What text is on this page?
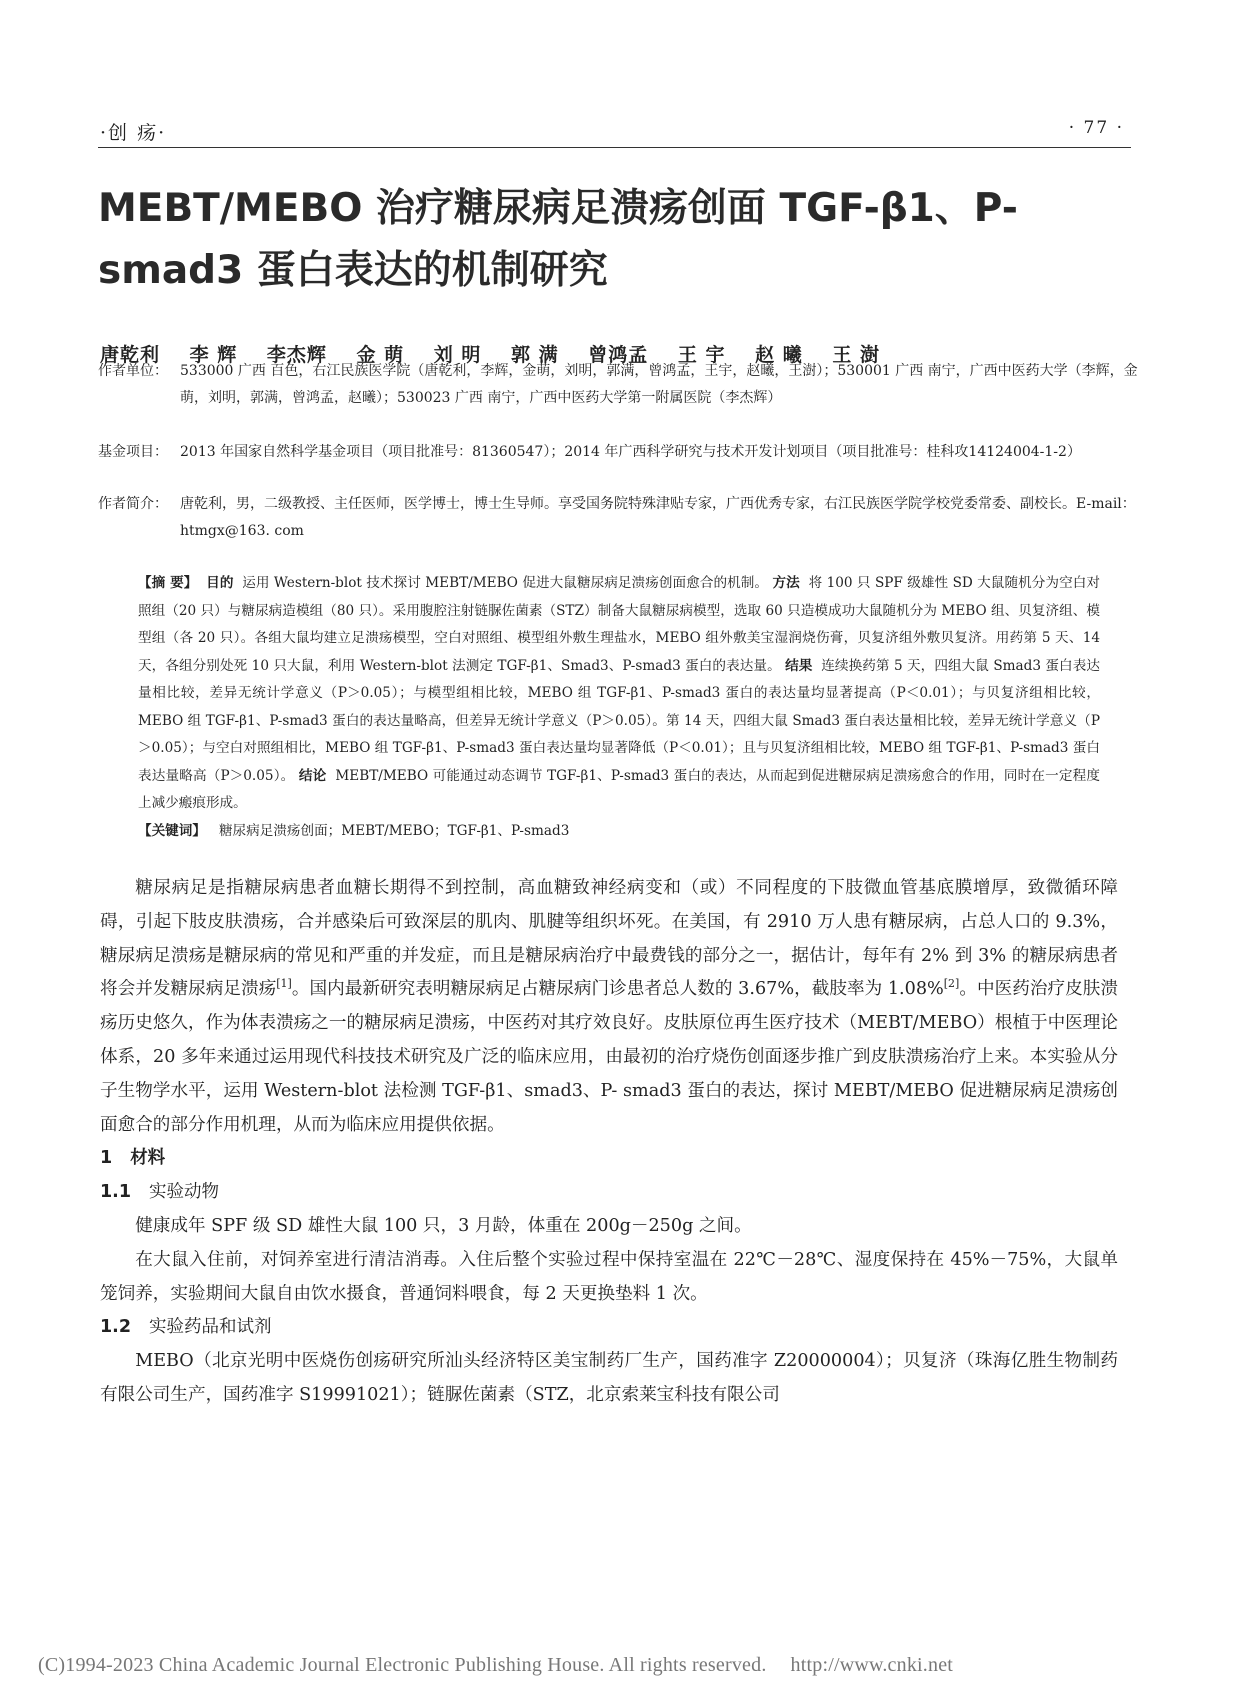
·创 疡·	· 77 ·
MEBT/MEBO 治疗糖尿病足溃疡创面 TGF-β1、P-smad3 蛋白表达的机制研究
唐乾利 李 辉 李杰辉 金 萌 刘 明 郭 满 曾鸿孟 王 宇 赵 曦 王 澍
作者单位： 533000 广西 百色，右江民族医学院（唐乾利，李辉，金萌，刘明，郭满，曾鸿孟，王宇，赵曦，王澍）；530001 广西 南宁，广西中医药大学（李辉，金萌，刘明，郭满，曾鸿孟，赵曦）；530023 广西 南宁，广西中医药大学第一附属医院（李杰辉）
基金项目： 2013 年国家自然科学基金项目（项目批准号：81360547）；2014 年广西科学研究与技术开发计划项目（项目批准号：桂科攻14124004-1-2）
作者简介： 唐乾利，男，二级教授、主任医师，医学博士，博士生导师。享受国务院特殊津贴专家，广西优秀专家，右江民族医学院学校党委常委、副校长。E-mail：htmgx@163. com
【摘 要】 目的 运用 Western-blot 技术探讨 MEBT/MEBO 促进大鼠糖尿病足溃疡创面愈合的机制。 方法 将 100 只 SPF 级雄性 SD 大鼠随机分为空白对照组（20 只）与糖尿病造模组（80 只）。采用腹腔注射链脲佐菌素（STZ）制备大鼠糖尿病模型，选取 60 只造模成功大鼠随机分为 MEBO 组、贝复济组、模型组（各 20 只）。各组大鼠均建立足溃疡模型，空白对照组、模型组外敷生理盐水，MEBO 组外敷美宝湿润烧伤膏，贝复济组外敷贝复济。用药第 5 天、14 天，各组分别处死 10 只大鼠，利用 Western-blot 法测定 TGF-β1、Smad3、P-smad3 蛋白的表达量。 结果 连续换药第 5 天，四组大鼠 Smad3 蛋白表达量相比较，差异无统计学意义（P＞0.05）；与模型组相比较，MEBO 组 TGF-β1、P-smad3 蛋白的表达量均显著提高（P＜0.01）；与贝复济组相比较，MEBO 组 TGF-β1、P-smad3 蛋白的表达量略高，但差异无统计学意义（P＞0.05）。第 14 天，四组大鼠 Smad3 蛋白表达量相比较，差异无统计学意义（P＞0.05）；与空白对照组相比，MEBO 组 TGF-β1、P-smad3 蛋白表达量均显著降低（P＜0.01）；且与贝复济组相比较，MEBO 组 TGF-β1、P-smad3 蛋白表达量略高（P＞0.05）。 结论 MEBT/MEBO 可能通过动态调节 TGF-β1、P-smad3 蛋白的表达，从而起到促进糖尿病足溃疡愈合的作用，同时在一定程度上减少瘢痕形成。
【关键词】 糖尿病足溃疡创面；MEBT/MEBO；TGF-β1、P-smad3

糖尿病足是指糖尿病患者血糖长期得不到控制，高血糖致神经病变和（或）不同程度的下肢微血管基底膜增厚，致微循环障碍，引起下肢皮肤溃疡，合并感染后可致深层的肌肉、肌腱等组织坏死。在美国，有 2910 万人患有糖尿病，占总人口的 9.3%，糖尿病足溃疡是糖尿病的常见和严重的并发症，而且是糖尿病治疗中最费钱的部分之一，据估计，每年有 2% 到 3% 的糖尿病患者将会并发糖尿病足溃疡[1]。国内最新研究表明糖尿病足占糖尿病门诊患者总人数的 3.67%，截肢率为 1.08%[2]。中医药治疗皮肤溃疡历史悠久，作为体表溃疡之一的糖尿病足溃疡，中医药对其疗效良好。皮肤原位再生医疗技术（MEBT/MEBO）根植于中医理论体系，20 多年来通过运用现代科技技术研究及广泛的临床应用，由最初的治疗烧伤创面逐步推广到皮肤溃疡治疗上来。本实验从分子生物学水平，运用 Western-blot 法检测 TGF-β1、smad3、P- smad3 蛋白的表达，探讨 MEBT/MEBO 促进糖尿病足溃疡创面愈合的部分作用机理，从而为临床应用提供依据。

1 材料
1.1 实验动物

健康成年 SPF 级 SD 雄性大鼠 100 只，3 月龄，体重在 200g－250g 之间。

在大鼠入住前，对饲养室进行清洁消毒。入住后整个实验过程中保持室温在 22℃－28℃、湿度保持在 45%－75%，大鼠单笼饲养，实验期间大鼠自由饮水摄食，普通饲料喂食，每 2 天更换垫料 1 次。

1.2 实验药品和试剂

MEBO（北京光明中医烧伤创疡研究所汕头经济特区美宝制药厂生产，国药准字 Z20000004）；贝复济（珠海亿胜生物制药有限公司生产，国药准字 S19991021）；链脲佐菌素（STZ，北京索莱宝科技有限公司

(C)1994-2023 China Academic Journal Electronic Publishing House. All rights reserved. http://www.cnki.net
